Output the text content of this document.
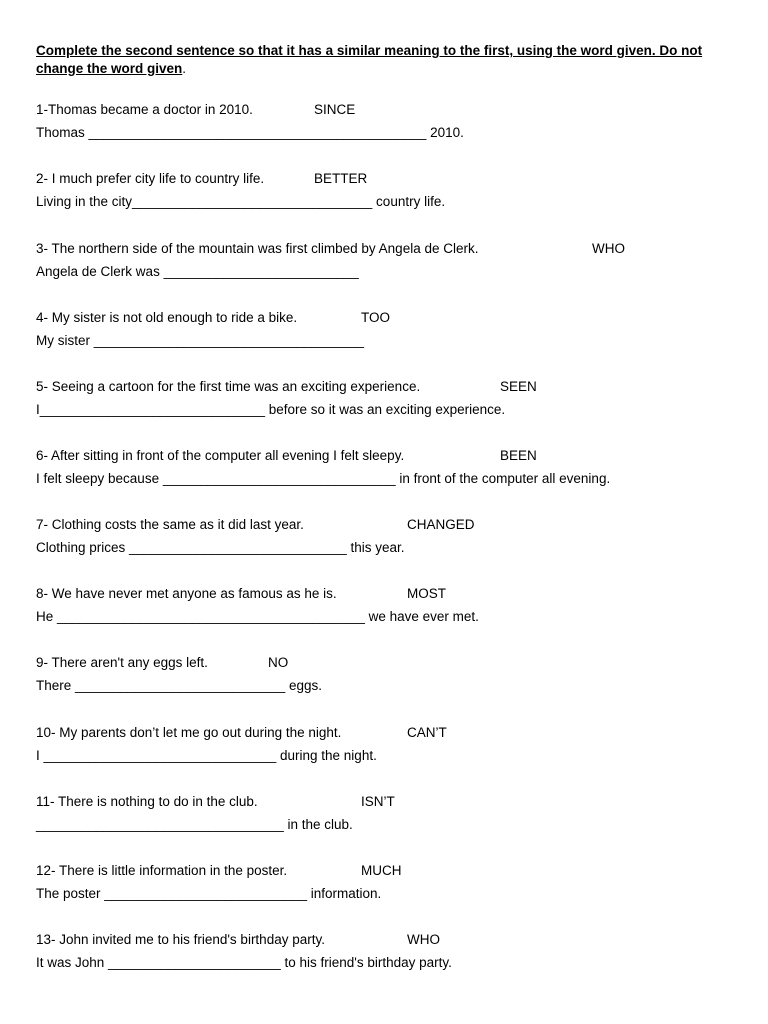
Complete the second sentence so that it has a similar meaning to the first, using the word given. Do not change the word given.
1-Thomas became a doctor in 2010.	SINCE
Thomas _____________________________________________ 2010.
2- I much prefer city life to country life.	BETTER
Living in the city________________________________ country life.
3- The northern side of the mountain was first climbed by Angela de Clerk.	WHO
Angela de Clerk was __________________________
4- My sister is not old enough to ride a bike.	TOO
My sister ____________________________________
5- Seeing a cartoon for the first time was an exciting experience.	SEEN
I______________________________ before so it was an exciting experience.
6- After sitting in front of the computer all evening I felt sleepy.	BEEN
I felt sleepy because _______________________________ in front of the computer all evening.
7- Clothing costs the same as it did last year.	CHANGED
Clothing prices _____________________________ this year.
8- We have never met anyone as famous as he is.	MOST
He _________________________________________ we have ever met.
9- There aren't any eggs left.	NO
There ____________________________ eggs.
10- My parents don’t let me go out during the night.	CAN’T
I _______________________________ during the night.
11- There is nothing to do in the club.	ISN’T
_________________________________ in the club.
12- There is little information in the poster.	MUCH
The poster ___________________________ information.
13- John invited me to his friend's birthday party.	WHO
It was John _______________________ to his friend's birthday party.
